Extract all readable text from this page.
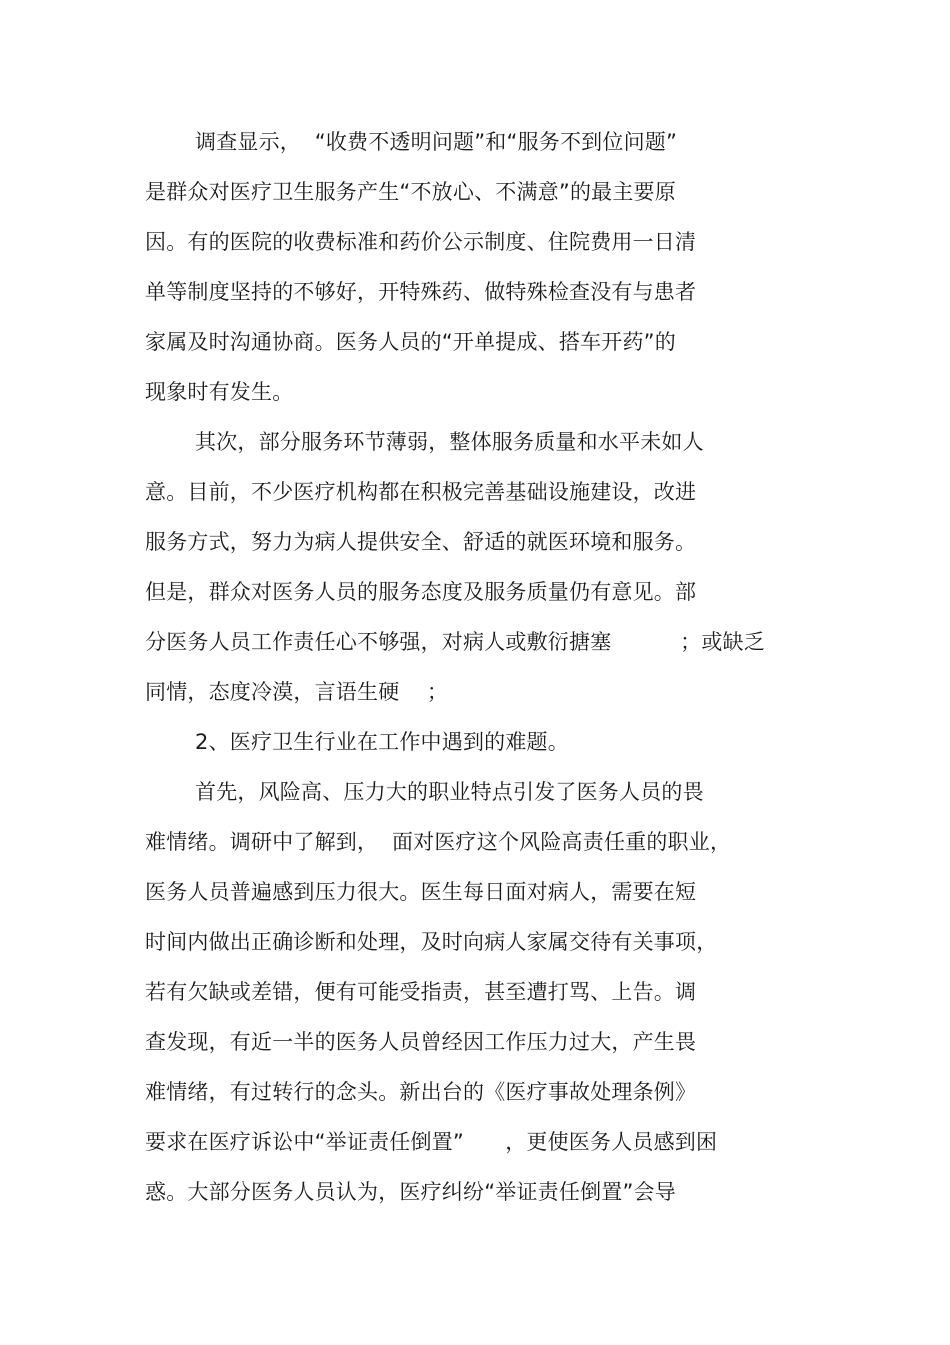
调查显示，  “收费不透明问题”和“服务不到位问题”
是群众对医疗卫生服务产生“不放心、不满意”的最主要原
因。有的医院的收费标准和药价公示制度、住院费用一日清
单等制度坚持的不够好，开特殊药、做特殊检查没有与患者
家属及时沟通协商。医务人员的“开单提成、搭车开药”的
现象时有发生。
其次，部分服务环节薄弱，整体服务质量和水平未如人
意。目前，不少医疗机构都在积极完善基础设施建设，改进
服务方式，努力为病人提供安全、舒适的就医环境和服务。
但是，群众对医务人员的服务态度及服务质量仍有意见。部
分医务人员工作责任心不够强，对病人或敷衍搪塞          ；或缺乏
同情，态度冷漠，言语生硬    ；
2、医疗卫生行业在工作中遇到的难题。
首先，风险高、压力大的职业特点引发了医务人员的畏
难情绪。调研中了解到，  面对医疗这个风险高责任重的职业，
医务人员普遍感到压力很大。医生每日面对病人，需要在短
时间内做出正确诊断和处理，及时向病人家属交待有关事项，
若有欠缺或差错，便有可能受指责，甚至遭打骂、上告。调
查发现，有近一半的医务人员曾经因工作压力过大，产生畏
难情绪，有过转行的念头。新出台的《医疗事故处理条例》
要求在医疗诉讼中“举证责任倒置”      ，更使医务人员感到困
惑。大部分医务人员认为，医疗纠纷“举证责任倒置”会导
